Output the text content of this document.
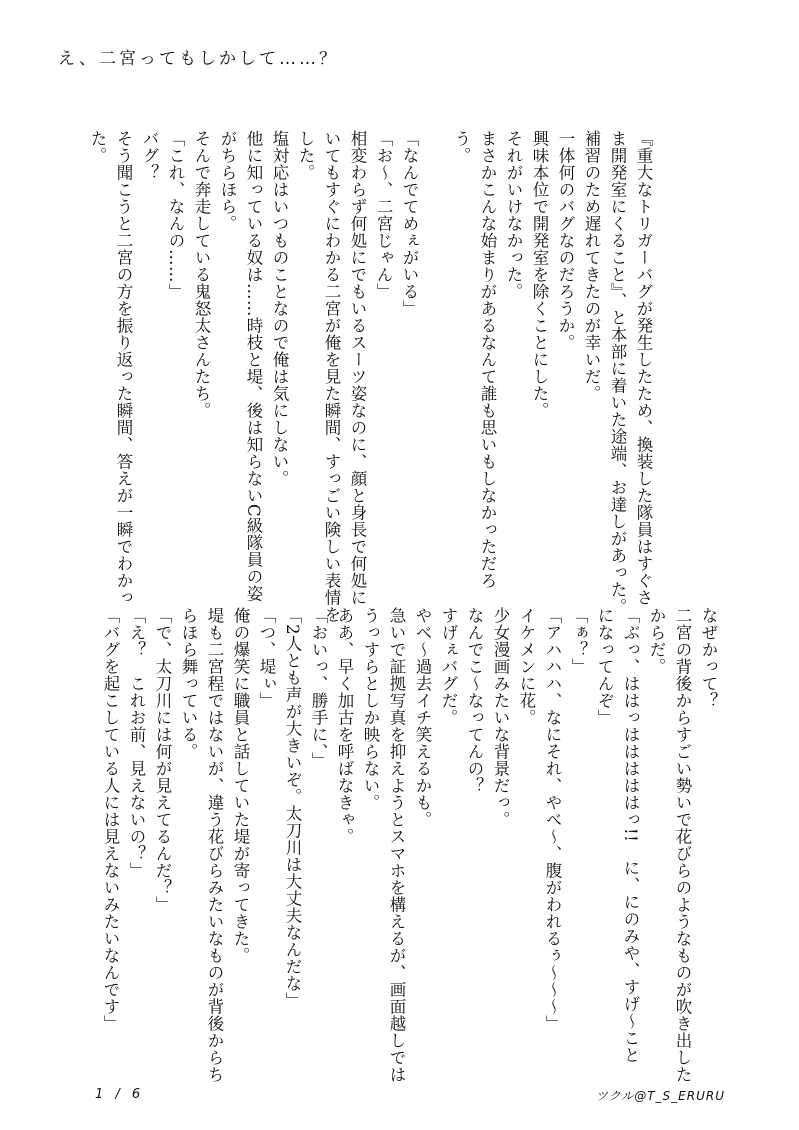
え、二宮ってもしかして……？
『重大なトリガーバグが発生したため、換装した隊員はすぐさ
ま開発室にくること』、と本部に着いた途端、お達しがあった。
補習のため遅れてきたのが幸いだ。
一体何のバグなのだろうか。
興味本位で開発室を除くことにした。
それがいけなかった。
まさかこんな始まりがあるなんて誰も思いもしなかっただろ
う。

「なんでてめぇがいる」
「お〜、二宮じゃん」
相変わらず何処にでもいるスーツ姿なのに、顔と身長で何処に
いてもすぐにわかる二宮が俺を見た瞬間、すっごい険しい表情を
した。
塩対応はいつものことなので俺は気にしない。
他に知っている奴は……時枝と堤、後は知らないC級隊員の姿
がちらほら。
そんで奔走している鬼怒太さんたち。
「これ、なんの……」
バグ？
そう聞こうと二宮の方を振り返った瞬間、答えが一瞬でわかっ
た。
なぜかって？
二宮の背後からすごい勢いで花びらのようなものが吹き出した
からだ。
「ぶっ、ははっはははははっ!!　に、にのみや、すげ〜こと
になってんぞ」
「ぁ？」
「アハハハ、なにそれ、やべ〜、腹がわれるぅ〜〜〜」
イケメンに花。
少女漫画みたいな背景だっ。
なんでこ〜なってんの？
すげぇバグだ。
やべ〜過去イチ笑えるかも。
急いで証拠写真を抑えようとスマホを構えるが、画面越しでは
うっすらとしか映らない。
ああ、早く加古を呼ばなきゃ。
「おいっ、勝手に、」
「2人とも声が大きいぞ。太刀川は大丈夫なんだな」
「つ、堤ぃ」
俺の爆笑に職員と話していた堤が寄ってきた。
堤も二宮程ではないが、違う花びらみたいなものが背後からち
らほら舞っている。
「で、太刀川には何が見えてるんだ？」
「え？　これお前、見えないの？」
「バグを起こしている人には見えないみたいなんです」
1 / 6	ツクル@T_S_ERURU
